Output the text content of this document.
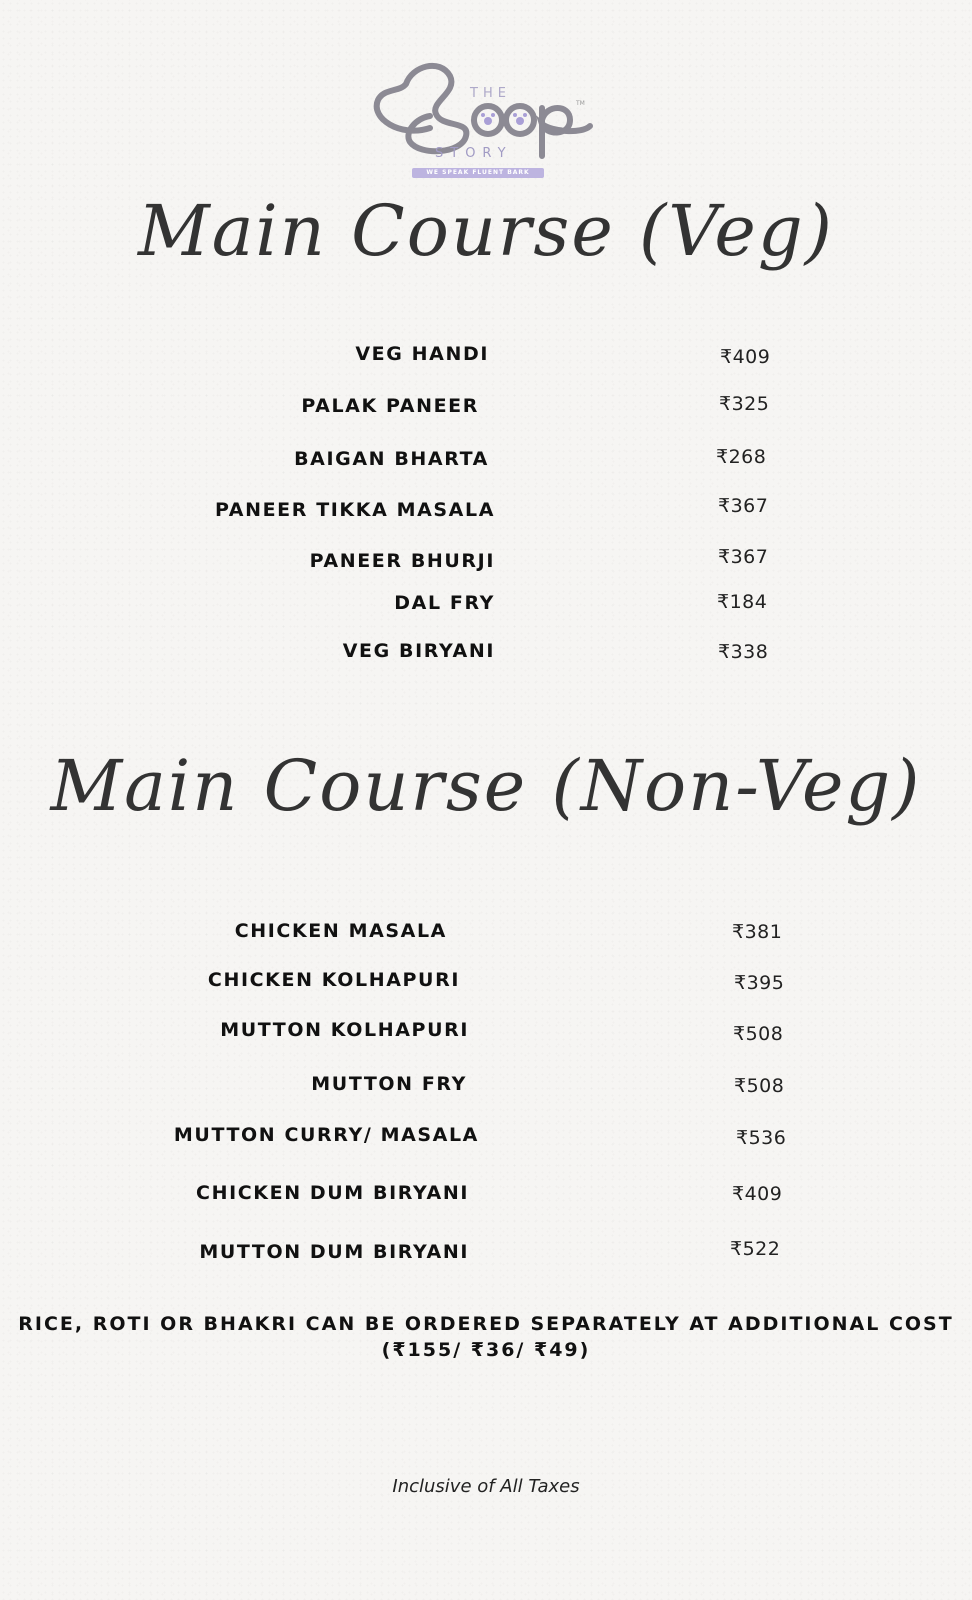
THE
TM
STORY
WE SPEAK FLUENT BARK
Main Course (Veg)
VEG HANDI	₹409
PALAK PANEER	₹325
BAIGAN BHARTA	₹268
PANEER TIKKA MASALA	₹367
PANEER BHURJI	₹367
DAL FRY	₹184
VEG BIRYANI	₹338
Main Course (Non-Veg)
CHICKEN MASALA	₹381
CHICKEN KOLHAPURI	₹395
MUTTON KOLHAPURI	₹508
MUTTON FRY	₹508
MUTTON CURRY/ MASALA	₹536
CHICKEN DUM BIRYANI	₹409
MUTTON DUM BIRYANI	₹522
RICE, ROTI OR BHAKRI CAN BE ORDERED SEPARATELY AT ADDITIONAL COST
(₹155/ ₹36/ ₹49)
Inclusive of All Taxes
